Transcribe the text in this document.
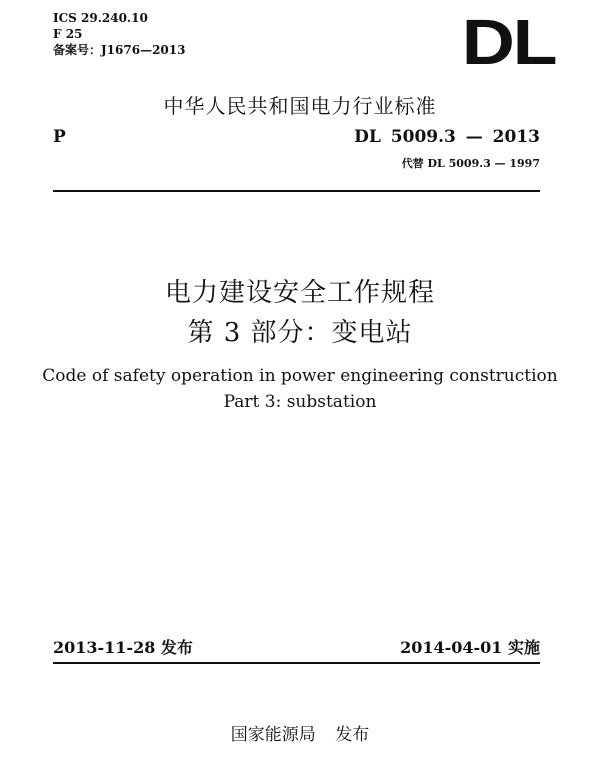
ICS 29.240.10
F 25
备案号：J1676—2013	DL
中华人民共和国电力行业标准
P	DL 5009.3 — 2013
代替 DL 5009.3 — 1997
电力建设安全工作规程
第 3 部分：变电站
Code of safety operation in power engineering construction
Part 3: substation
2013-11-28 发布	2014-04-01 实施
国家能源局 发布
